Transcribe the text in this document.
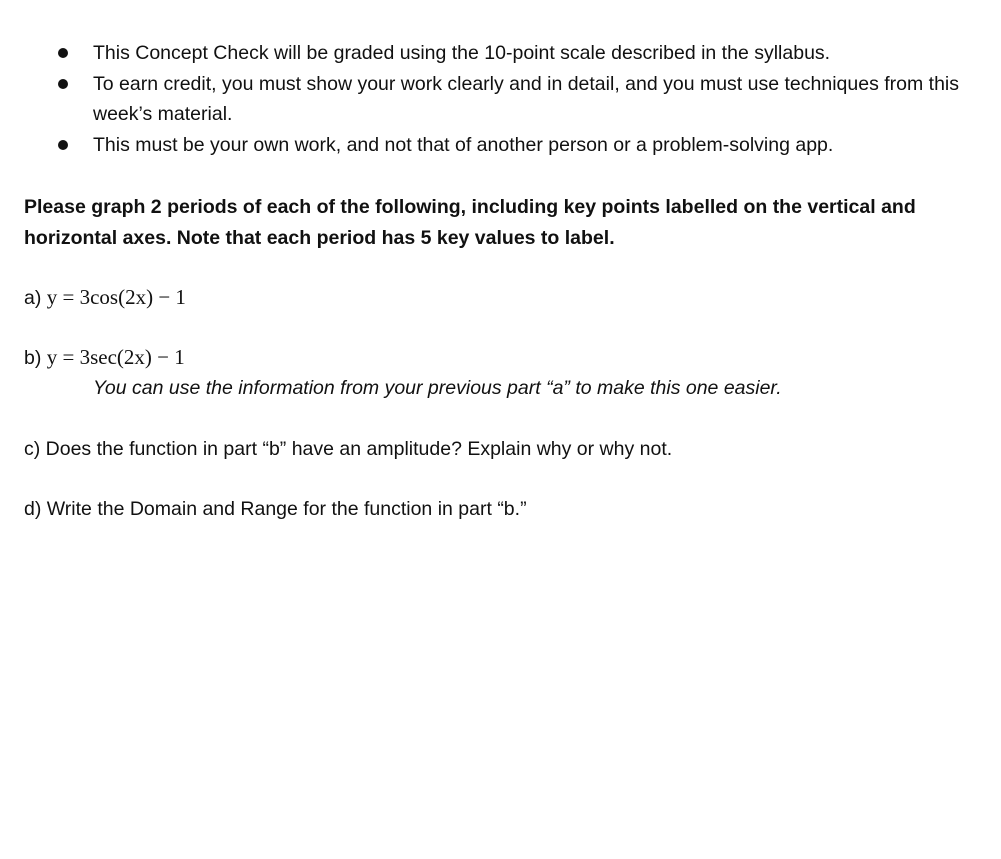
This Concept Check will be graded using the 10-point scale described in the syllabus.
To earn credit, you must show your work clearly and in detail, and you must use techniques from this week’s material.
This must be your own work, and not that of another person or a problem-solving app.

Please graph 2 periods of each of the following, including key points labelled on the vertical and horizontal axes. Note that each period has 5 key values to label.

a) y = 3cos(2x) − 1

b) y = 3sec(2x) − 1

You can use the information from your previous part “a” to make this one easier.

c) Does the function in part “b” have an amplitude? Explain why or why not.

d) Write the Domain and Range for the function in part “b.”
